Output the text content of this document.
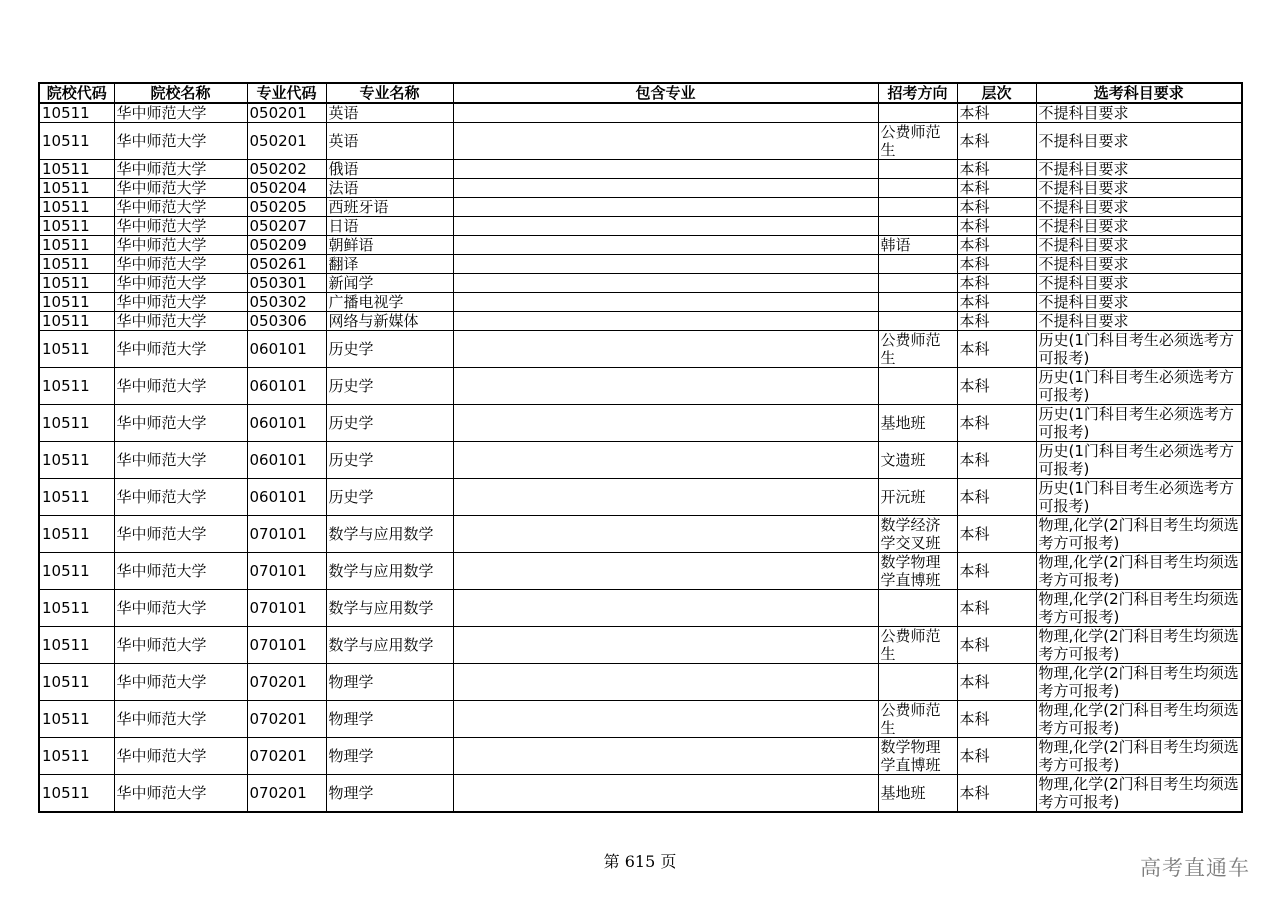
院校代码	院校名称	专业代码	专业名称	包含专业	招考方向	层次	选考科目要求
10511	华中师范大学	050201	英语			本科	不提科目要求
10511	华中师范大学	050201	英语		公费师范生	本科	不提科目要求
10511	华中师范大学	050202	俄语			本科	不提科目要求
10511	华中师范大学	050204	法语			本科	不提科目要求
10511	华中师范大学	050205	西班牙语			本科	不提科目要求
10511	华中师范大学	050207	日语			本科	不提科目要求
10511	华中师范大学	050209	朝鲜语		韩语	本科	不提科目要求
10511	华中师范大学	050261	翻译			本科	不提科目要求
10511	华中师范大学	050301	新闻学			本科	不提科目要求
10511	华中师范大学	050302	广播电视学			本科	不提科目要求
10511	华中师范大学	050306	网络与新媒体			本科	不提科目要求
10511	华中师范大学	060101	历史学		公费师范生	本科	历史(1门科目考生必须选考方可报考)
10511	华中师范大学	060101	历史学			本科	历史(1门科目考生必须选考方可报考)
10511	华中师范大学	060101	历史学		基地班	本科	历史(1门科目考生必须选考方可报考)
10511	华中师范大学	060101	历史学		文遗班	本科	历史(1门科目考生必须选考方可报考)
10511	华中师范大学	060101	历史学		开沅班	本科	历史(1门科目考生必须选考方可报考)
10511	华中师范大学	070101	数学与应用数学		数学经济学交叉班	本科	物理,化学(2门科目考生均须选考方可报考)
10511	华中师范大学	070101	数学与应用数学		数学物理学直博班	本科	物理,化学(2门科目考生均须选考方可报考)
10511	华中师范大学	070101	数学与应用数学			本科	物理,化学(2门科目考生均须选考方可报考)
10511	华中师范大学	070101	数学与应用数学		公费师范生	本科	物理,化学(2门科目考生均须选考方可报考)
10511	华中师范大学	070201	物理学			本科	物理,化学(2门科目考生均须选考方可报考)
10511	华中师范大学	070201	物理学		公费师范生	本科	物理,化学(2门科目考生均须选考方可报考)
10511	华中师范大学	070201	物理学		数学物理学直博班	本科	物理,化学(2门科目考生均须选考方可报考)
10511	华中师范大学	070201	物理学		基地班	本科	物理,化学(2门科目考生均须选考方可报考)
第 615 页	高考直通车
